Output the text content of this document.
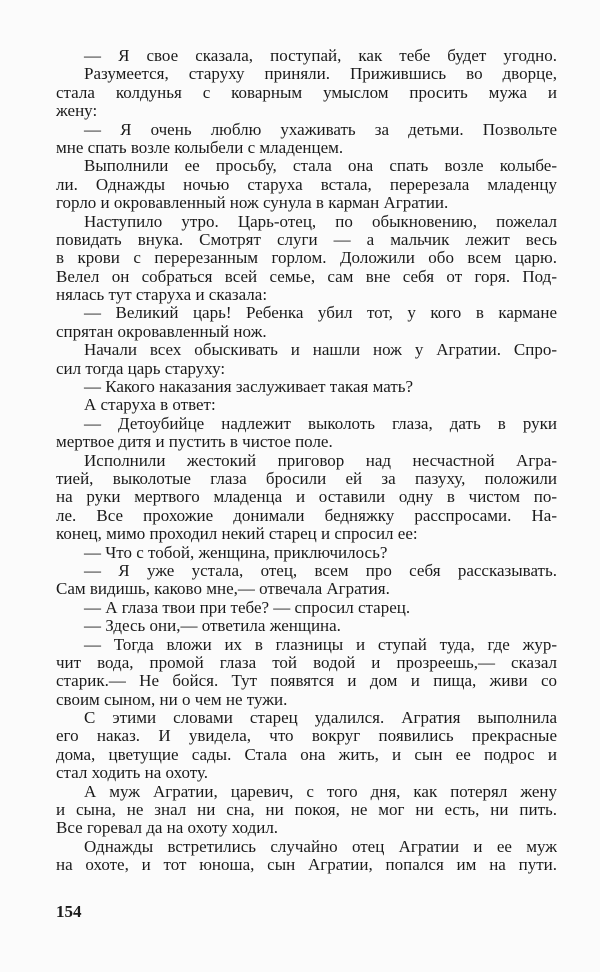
— Я свое сказала, поступай, как тебе будет угодно.
Разумеется, старуху приняли. Прижившись во дворце,
стала колдунья с коварным умыслом просить мужа и
жену:
— Я очень люблю ухаживать за детьми. Позвольте
мне спать возле колыбели с младенцем.
Выполнили ее просьбу, стала она спать возле колыбе-
ли. Однажды ночью старуха встала, перерезала младенцу
горло и окровавленный нож сунула в карман Агратии.
Наступило утро. Царь-отец, по обыкновению, пожелал
повидать внука. Смотрят слуги — а мальчик лежит весь
в крови с перерезанным горлом. Доложили обо всем царю.
Велел он собраться всей семье, сам вне себя от горя. Под-
нялась тут старуха и сказала:
— Великий царь! Ребенка убил тот, у кого в кармане
спрятан окровавленный нож.
Начали всех обыскивать и нашли нож у Агратии. Спро-
сил тогда царь старуху:
— Какого наказания заслуживает такая мать?
А старуха в ответ:
— Детоубийце надлежит выколоть глаза, дать в руки
мертвое дитя и пустить в чистое поле.
Исполнили жестокий приговор над несчастной Агра-
тией, выколотые глаза бросили ей за пазуху, положили
на руки мертвого младенца и оставили одну в чистом по-
ле. Все прохожие донимали бедняжку расспросами. На-
конец, мимо проходил некий старец и спросил ее:
— Что с тобой, женщина, приключилось?
— Я уже устала, отец, всем про себя рассказывать.
Сам видишь, каково мне,— отвечала Агратия.
— А глаза твои при тебе? — спросил старец.
— Здесь они,— ответила женщина.
— Тогда вложи их в глазницы и ступай туда, где жур-
чит вода, промой глаза той водой и прозреешь,— сказал
старик.— Не бойся. Тут появятся и дом и пища, живи со
своим сыном, ни о чем не тужи.
С этими словами старец удалился. Агратия выполнила
его наказ. И увидела, что вокруг появились прекрасные
дома, цветущие сады. Стала она жить, и сын ее подрос и
стал ходить на охоту.
А муж Агратии, царевич, с того дня, как потерял жену
и сына, не знал ни сна, ни покоя, не мог ни есть, ни пить.
Все горевал да на охоту ходил.
Однажды встретились случайно отец Агратии и ее муж
на охоте, и тот юноша, сын Агратии, попался им на пути.
154
